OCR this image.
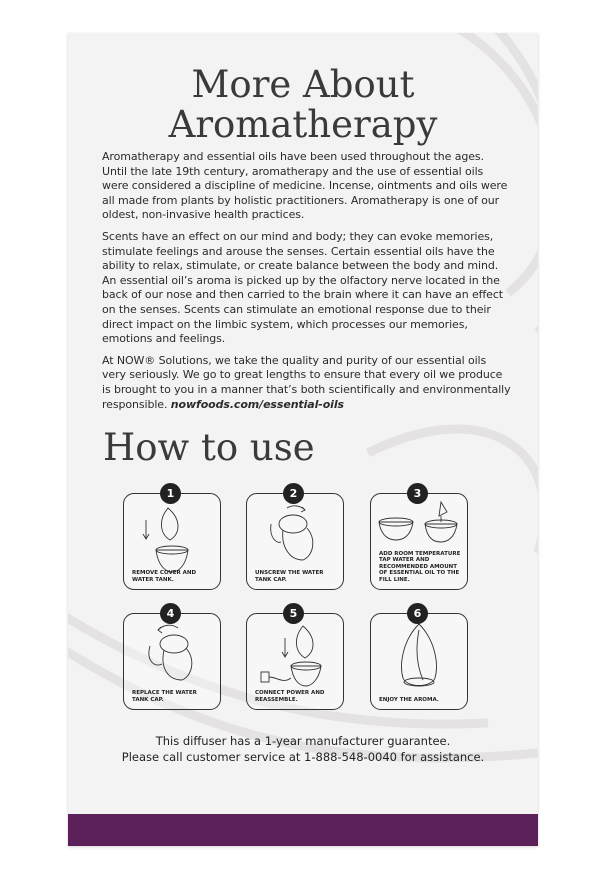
More About
Aromatherapy

Aromatherapy and essential oils have been used throughout the ages. Until the late 19th century, aromatherapy and the use of essential oils were considered a discipline of medicine. Incense, ointments and oils were all made from plants by holistic practitioners. Aromatherapy is one of our oldest, non-invasive health practices.

Scents have an effect on our mind and body; they can evoke memories, stimulate feelings and arouse the senses. Certain essential oils have the ability to relax, stimulate, or create balance between the body and mind. An essential oil’s aroma is picked up by the olfactory nerve located in the back of our nose and then carried to the brain where it can have an effect on the senses. Scents can stimulate an emotional response due to their direct impact on the limbic system, which processes our memories, emotions and feelings.

At NOW® Solutions, we take the quality and purity of our essential oils very seriously. We go to great lengths to ensure that every oil we produce is brought to you in a manner that’s both scientifically and environmentally responsible. nowfoods.com/essential-oils

How to use
1
REMOVE COVER AND WATER TANK.
2
UNSCREW THE WATER TANK CAP.
3
ADD ROOM TEMPERATURE TAP WATER AND RECOMMENDED AMOUNT OF ESSENTIAL OIL TO THE FILL LINE.
4
REPLACE THE WATER TANK CAP.
5
CONNECT POWER AND REASSEMBLE.
6
ENJOY THE AROMA.
This diffuser has a 1-year manufacturer guarantee.
Please call customer service at 1-888-548-0040 for assistance.
